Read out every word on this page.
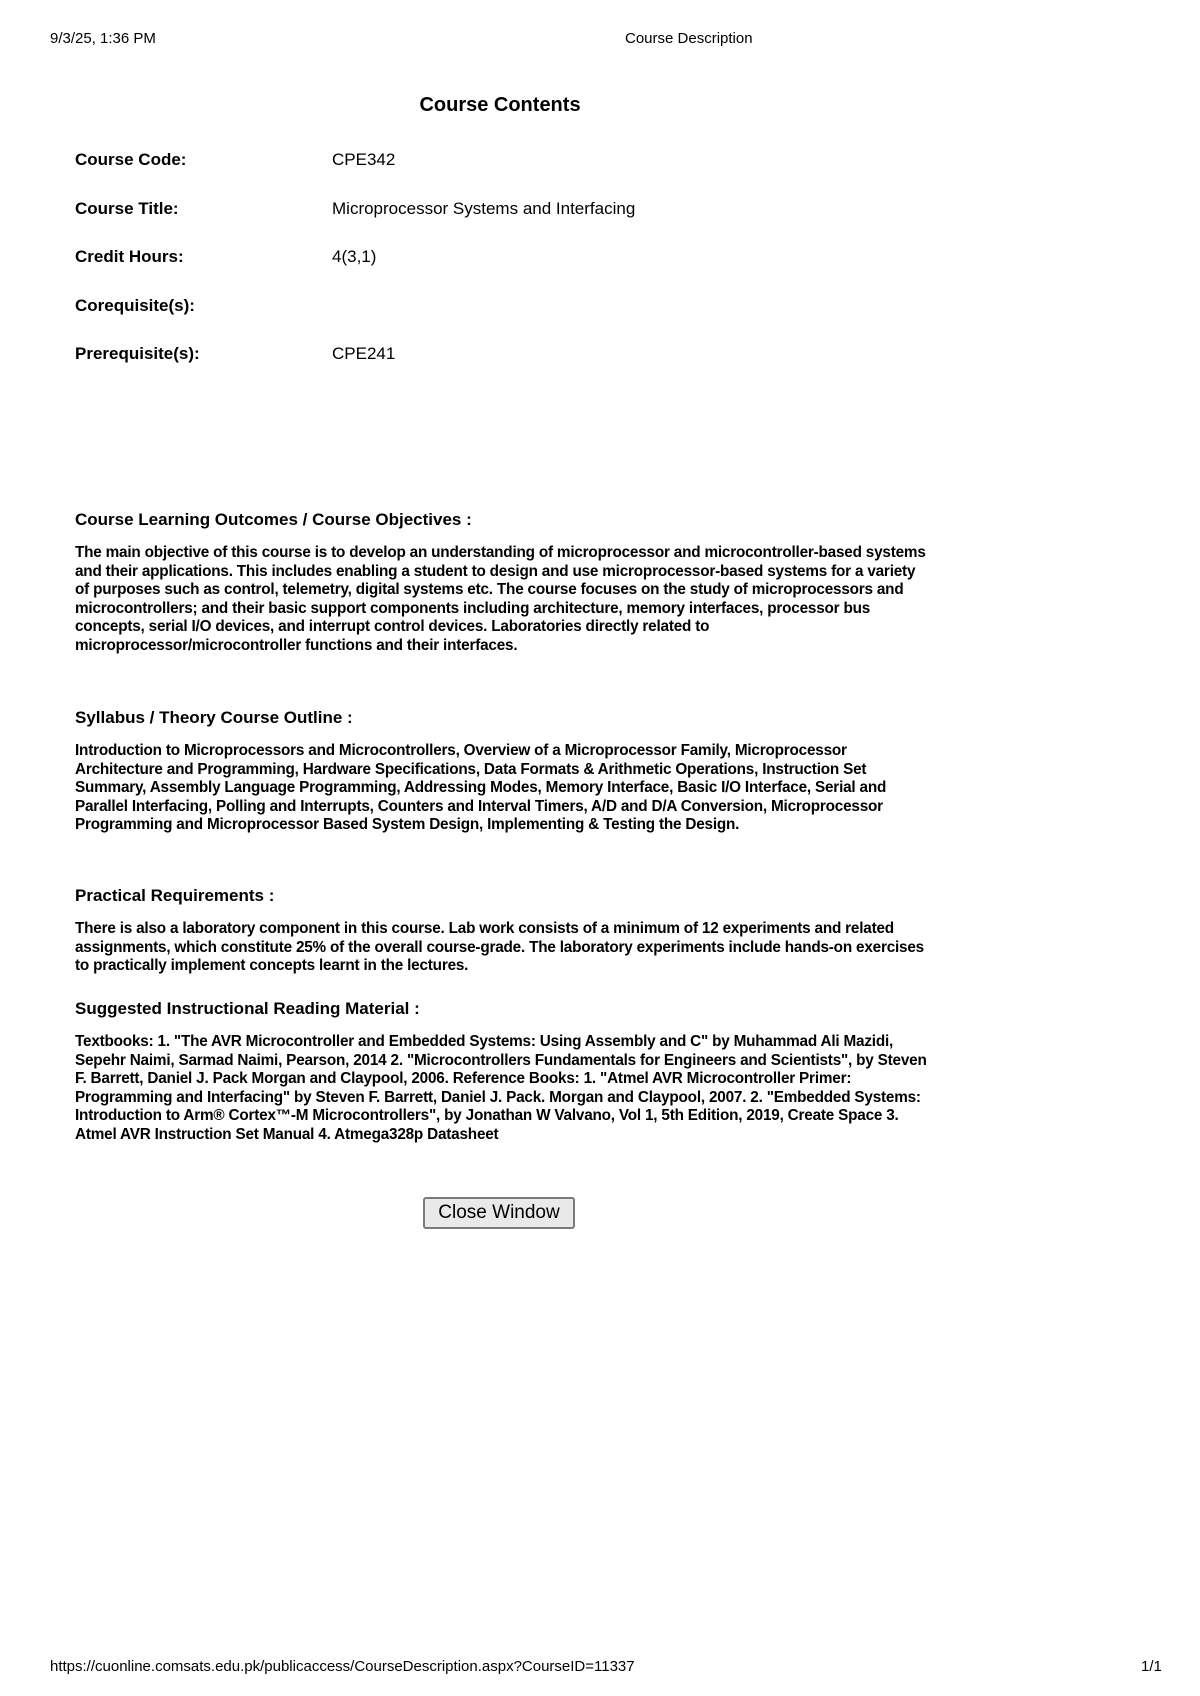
9/3/25, 1:36 PM	Course Description
Course Contents
Course Code:	CPE342
Course Title:	Microprocessor Systems and Interfacing
Credit Hours:	4(3,1)
Corequisite(s):	
Prerequisite(s):	CPE241
Course Learning Outcomes / Course Objectives :

The main objective of this course is to develop an understanding of microprocessor and microcontroller-based systems and their applications. This includes enabling a student to design and use microprocessor-based systems for a variety of purposes such as control, telemetry, digital systems etc. The course focuses on the study of microprocessors and microcontrollers; and their basic support components including architecture, memory interfaces, processor bus concepts, serial I/O devices, and interrupt control devices. Laboratories directly related to microprocessor/microcontroller functions and their interfaces.

Syllabus / Theory Course Outline :

Introduction to Microprocessors and Microcontrollers, Overview of a Microprocessor Family, Microprocessor Architecture and Programming, Hardware Specifications, Data Formats & Arithmetic Operations, Instruction Set Summary, Assembly Language Programming, Addressing Modes, Memory Interface, Basic I/O Interface, Serial and Parallel Interfacing, Polling and Interrupts, Counters and Interval Timers, A/D and D/A Conversion, Microprocessor Programming and Microprocessor Based System Design, Implementing & Testing the Design.

Practical Requirements :

There is also a laboratory component in this course. Lab work consists of a minimum of 12 experiments and related assignments, which constitute 25% of the overall course-grade. The laboratory experiments include hands-on exercises to practically implement concepts learnt in the lectures.

Suggested Instructional Reading Material :

Textbooks: 1. "The AVR Microcontroller and Embedded Systems: Using Assembly and C" by Muhammad Ali Mazidi, Sepehr Naimi, Sarmad Naimi, Pearson, 2014 2. "Microcontrollers Fundamentals for Engineers and Scientists", by Steven F. Barrett, Daniel J. Pack Morgan and Claypool, 2006. Reference Books: 1. "Atmel AVR Microcontroller Primer: Programming and Interfacing" by Steven F. Barrett, Daniel J. Pack. Morgan and Claypool, 2007. 2. "Embedded Systems: Introduction to Arm® Cortex™-M Microcontrollers", by Jonathan W Valvano, Vol 1, 5th Edition, 2019, Create Space 3. Atmel AVR Instruction Set Manual 4. Atmega328p Datasheet

Close Window
https://cuonline.comsats.edu.pk/publicaccess/CourseDescription.aspx?CourseID=11337	1/1
